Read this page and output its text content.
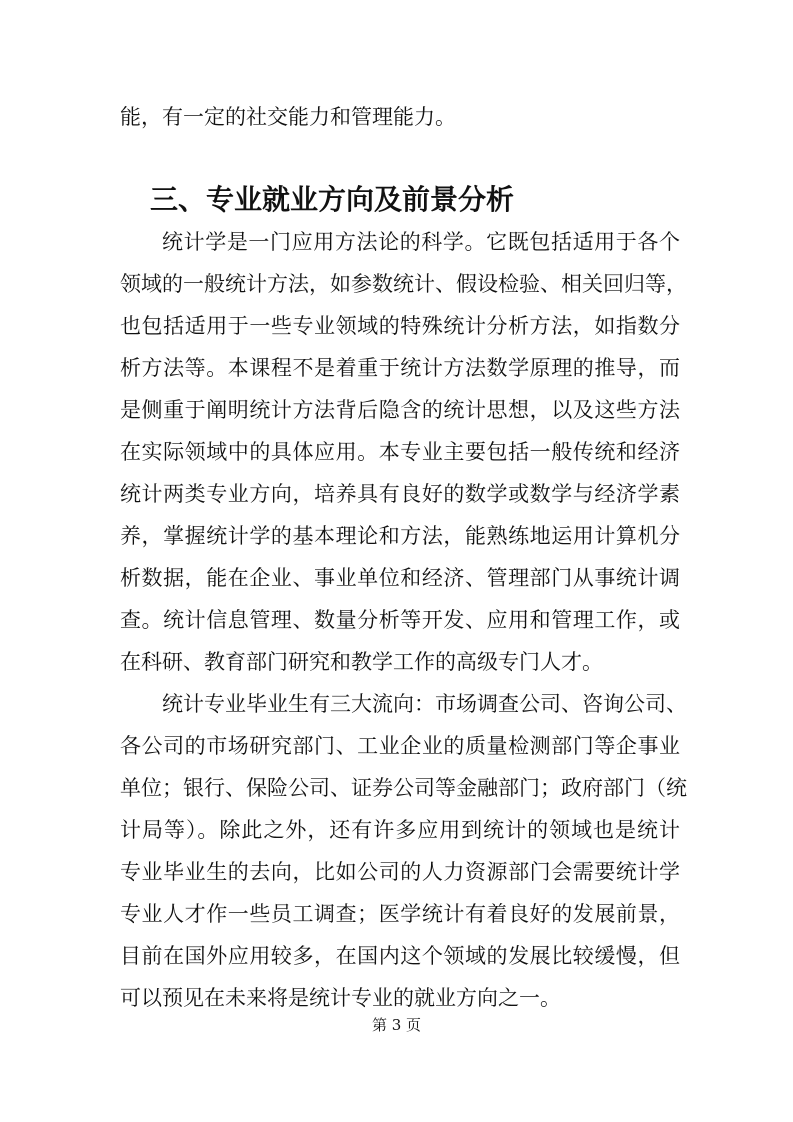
能，有一定的社交能力和管理能力。
三、专业就业方向及前景分析
统计学是一门应用方法论的科学。它既包括适用于各个
领域的一般统计方法，如参数统计、假设检验、相关回归等，
也包括适用于一些专业领域的特殊统计分析方法，如指数分
析方法等。本课程不是着重于统计方法数学原理的推导，而
是侧重于阐明统计方法背后隐含的统计思想，以及这些方法
在实际领域中的具体应用。本专业主要包括一般传统和经济
统计两类专业方向，培养具有良好的数学或数学与经济学素
养，掌握统计学的基本理论和方法，能熟练地运用计算机分
析数据，能在企业、事业单位和经济、管理部门从事统计调
查。统计信息管理、数量分析等开发、应用和管理工作，或
在科研、教育部门研究和教学工作的高级专门人才。
统计专业毕业生有三大流向：市场调查公司、咨询公司、
各公司的市场研究部门、工业企业的质量检测部门等企事业
单位；银行、保险公司、证券公司等金融部门；政府部门（统
计局等）。除此之外，还有许多应用到统计的领域也是统计
专业毕业生的去向，比如公司的人力资源部门会需要统计学
专业人才作一些员工调查；医学统计有着良好的发展前景，
目前在国外应用较多，在国内这个领域的发展比较缓慢，但
可以预见在未来将是统计专业的就业方向之一。
第 3 页
